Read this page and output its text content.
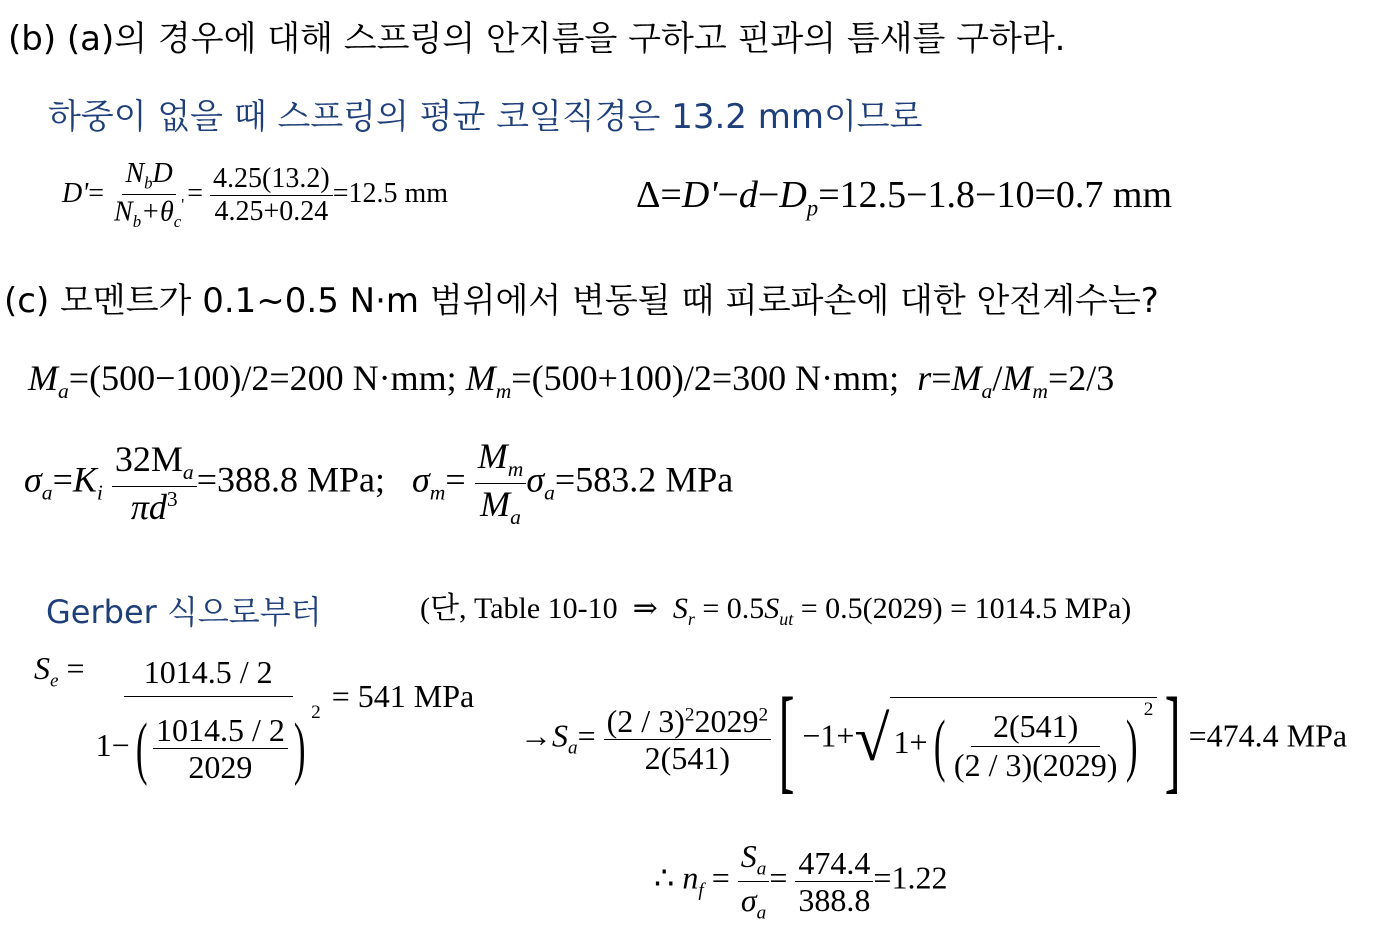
(b) (a)의 경우에 대해 스프링의 안지름을 구하고 핀과의 틈새를 구하라.
하중이 없을 때 스프링의 평균 코일직경은 13.2 mm이므로
$D'= \frac{N_bD}{N_b+\theta_c'} = \frac{4.25(13.2)}{4.25+0.24} =12.5$ mm	$\Delta=D'-d-D_p=12.5-1.8-10=0.7$ mm
(c) 모멘트가 0.1~0.5 N·m 범위에서 변동될 때 피로파손에 대한 안전계수는?
$M_a=(500-100)/2=200$ N·mm; $M_m=(500+100)/2=300$ N·mm; $r=M_a/M_m=2/3$
$\sigma_a=K_i \frac{32M_a}{\pi d^3} =388.8$ MPa; $\sigma_m= \frac{M_m}{M_a} \sigma_a=583.2$ MPa
Gerber 식으로부터	(단, Table 10-10 ⇒ $S_r = 0.5S_{ut} = 0.5(2029) = 1014.5$ MPa)
$S_e = \frac{1014.5 / 2}{1-( \frac{1014.5 / 2}{2029} ) ^2} = 541$ MPa
$\to S_a= \frac{(2 / 3)^22029^2}{2(541)}$ [ −1+√ $1+( \frac{2(541)}{(2 / 3)(2029)}$ ) $^2$] =474.4 MPa
∴ $n_f = \frac{S_a}{\sigma_a} = \frac{474.4}{388.8} =1.22$
